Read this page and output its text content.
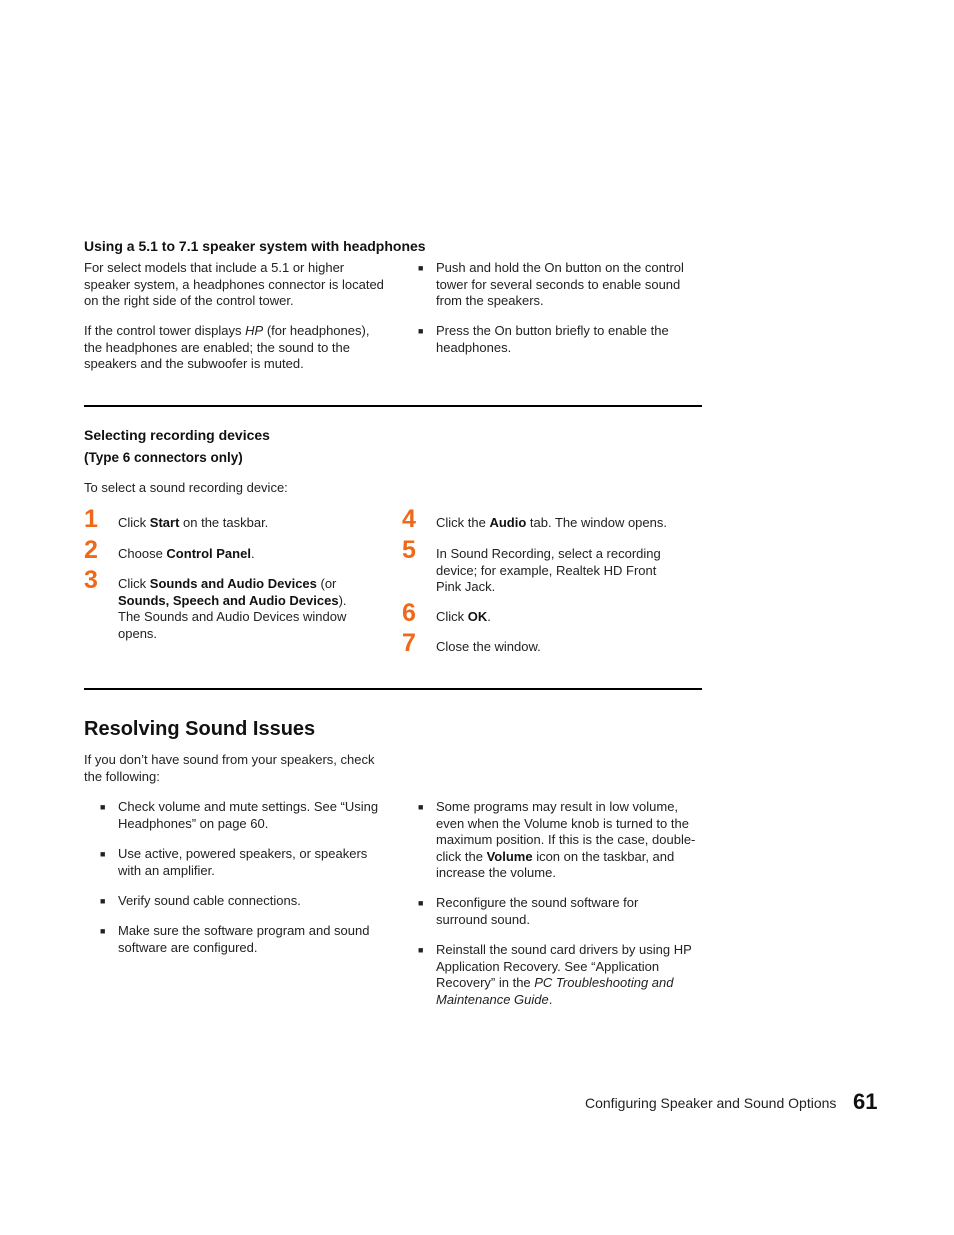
Using a 5.1 to 7.1 speaker system with headphones

For select models that include a 5.1 or higher speaker system, a headphones connector is located on the right side of the control tower.

If the control tower displays HP (for headphones), the headphones are enabled; the sound to the speakers and the subwoofer is muted.

■ Push and hold the On button on the control tower for several seconds to enable sound from the speakers.
■ Press the On button briefly to enable the headphones.
Selecting recording devices
(Type 6 connectors only)

To select a sound recording device:

1	Click Start on the taskbar.
2	Choose Control Panel.
3	Click Sounds and Audio Devices (or Sounds, Speech and Audio Devices). The Sounds and Audio Devices window opens.
4	Click the Audio tab. The window opens.
5	In Sound Recording, select a recording device; for example, Realtek HD Front Pink Jack.
6	Click OK.
7	Close the window.
Resolving Sound Issues

If you don’t have sound from your speakers, check the following:

■ Check volume and mute settings. See “Using Headphones” on page 60.
■ Use active, powered speakers, or speakers with an amplifier.
■ Verify sound cable connections.
■ Make sure the software program and sound software are configured.
■ Some programs may result in low volume, even when the Volume knob is turned to the maximum position. If this is the case, double-click the Volume icon on the taskbar, and increase the volume.
■ Reconfigure the sound software for surround sound.
■ Reinstall the sound card drivers by using HP Application Recovery. See “Application Recovery” in the PC Troubleshooting and Maintenance Guide.
Configuring Speaker and Sound Options 61
